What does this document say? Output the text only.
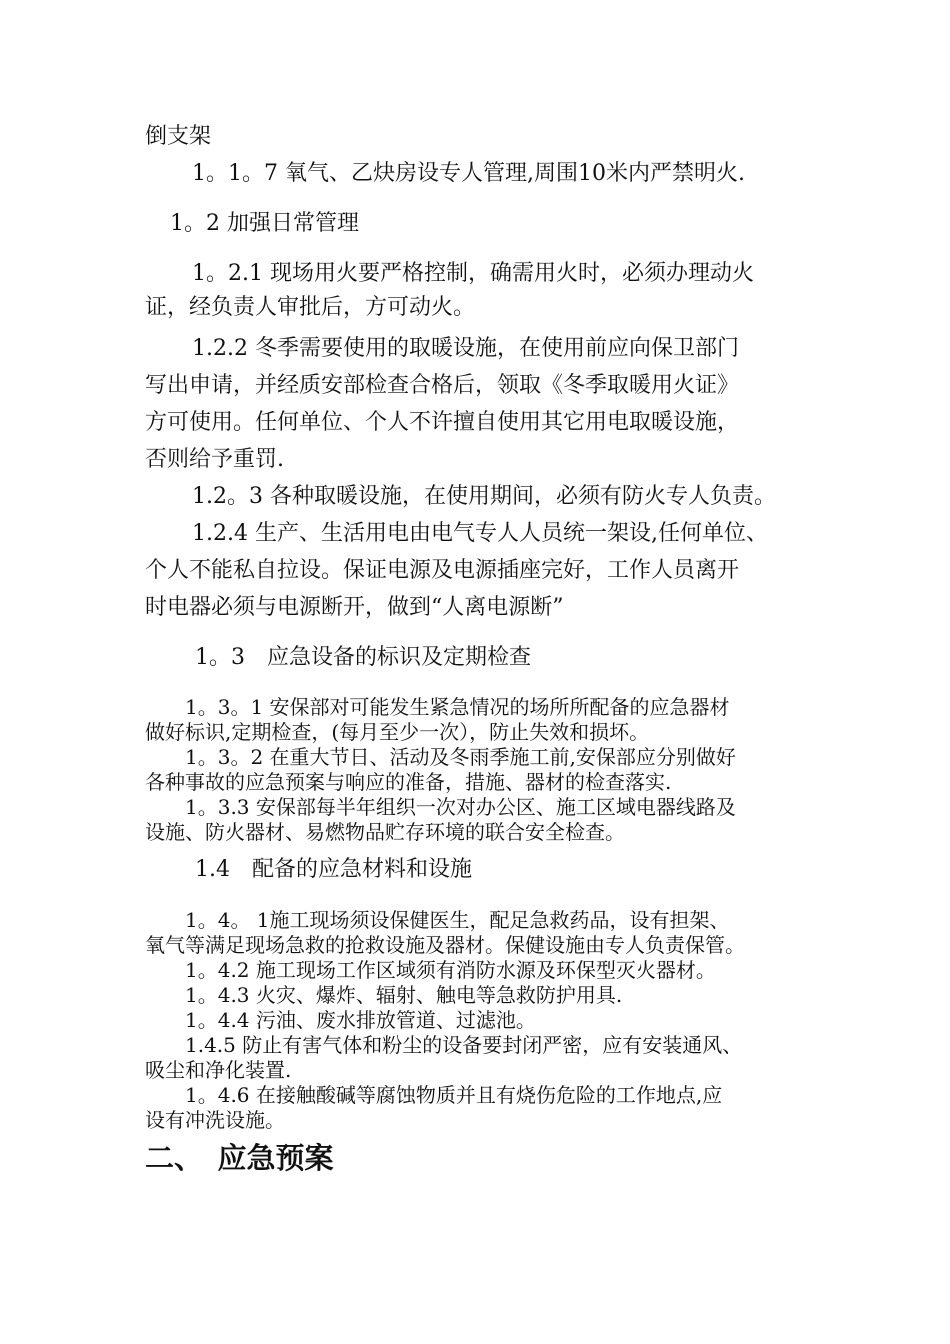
倒支架
1。1。7 氧气、乙炔房设专人管理,周围10米内严禁明火.
1。2 加强日常管理
1。2.1 现场用火要严格控制，确需用火时，必须办理动火
证，经负责人审批后，方可动火。
1.2.2 冬季需要使用的取暖设施，在使用前应向保卫部门
写出申请，并经质安部检查合格后，领取《冬季取暖用火证》
方可使用。任何单位、个人不许擅自使用其它用电取暖设施，
否则给予重罚.
1.2。3 各种取暖设施，在使用期间，必须有防火专人负责。
1.2.4 生产、生活用电由电气专人人员统一架设,任何单位、
个人不能私自拉设。保证电源及电源插座完好，工作人员离开
时电器必须与电源断开，做到“人离电源断”
1。3　应急设备的标识及定期检查
1。3。1 安保部对可能发生紧急情况的场所所配备的应急器材
做好标识,定期检查，(每月至少一次），防止失效和损坏。
1。3。2 在重大节日、活动及冬雨季施工前,安保部应分别做好
各种事故的应急预案与响应的准备，措施、器材的检查落实.
1。3.3 安保部每半年组织一次对办公区、施工区域电器线路及
设施、防火器材、易燃物品贮存环境的联合安全检查。
1.4　配备的应急材料和设施
1。4。 1施工现场须设保健医生，配足急救药品，设有担架、
氧气等满足现场急救的抢救设施及器材。保健设施由专人负责保管。
1。4.2 施工现场工作区域须有消防水源及环保型灭火器材。
1。4.3 火灾、爆炸、辐射、触电等急救防护用具.
1。4.4 污油、废水排放管道、过滤池。
1.4.5 防止有害气体和粉尘的设备要封闭严密，应有安装通风、
吸尘和净化装置.
1。4.6 在接触酸碱等腐蚀物质并且有烧伤危险的工作地点,应
设有冲洗设施。
二、　应急预案
